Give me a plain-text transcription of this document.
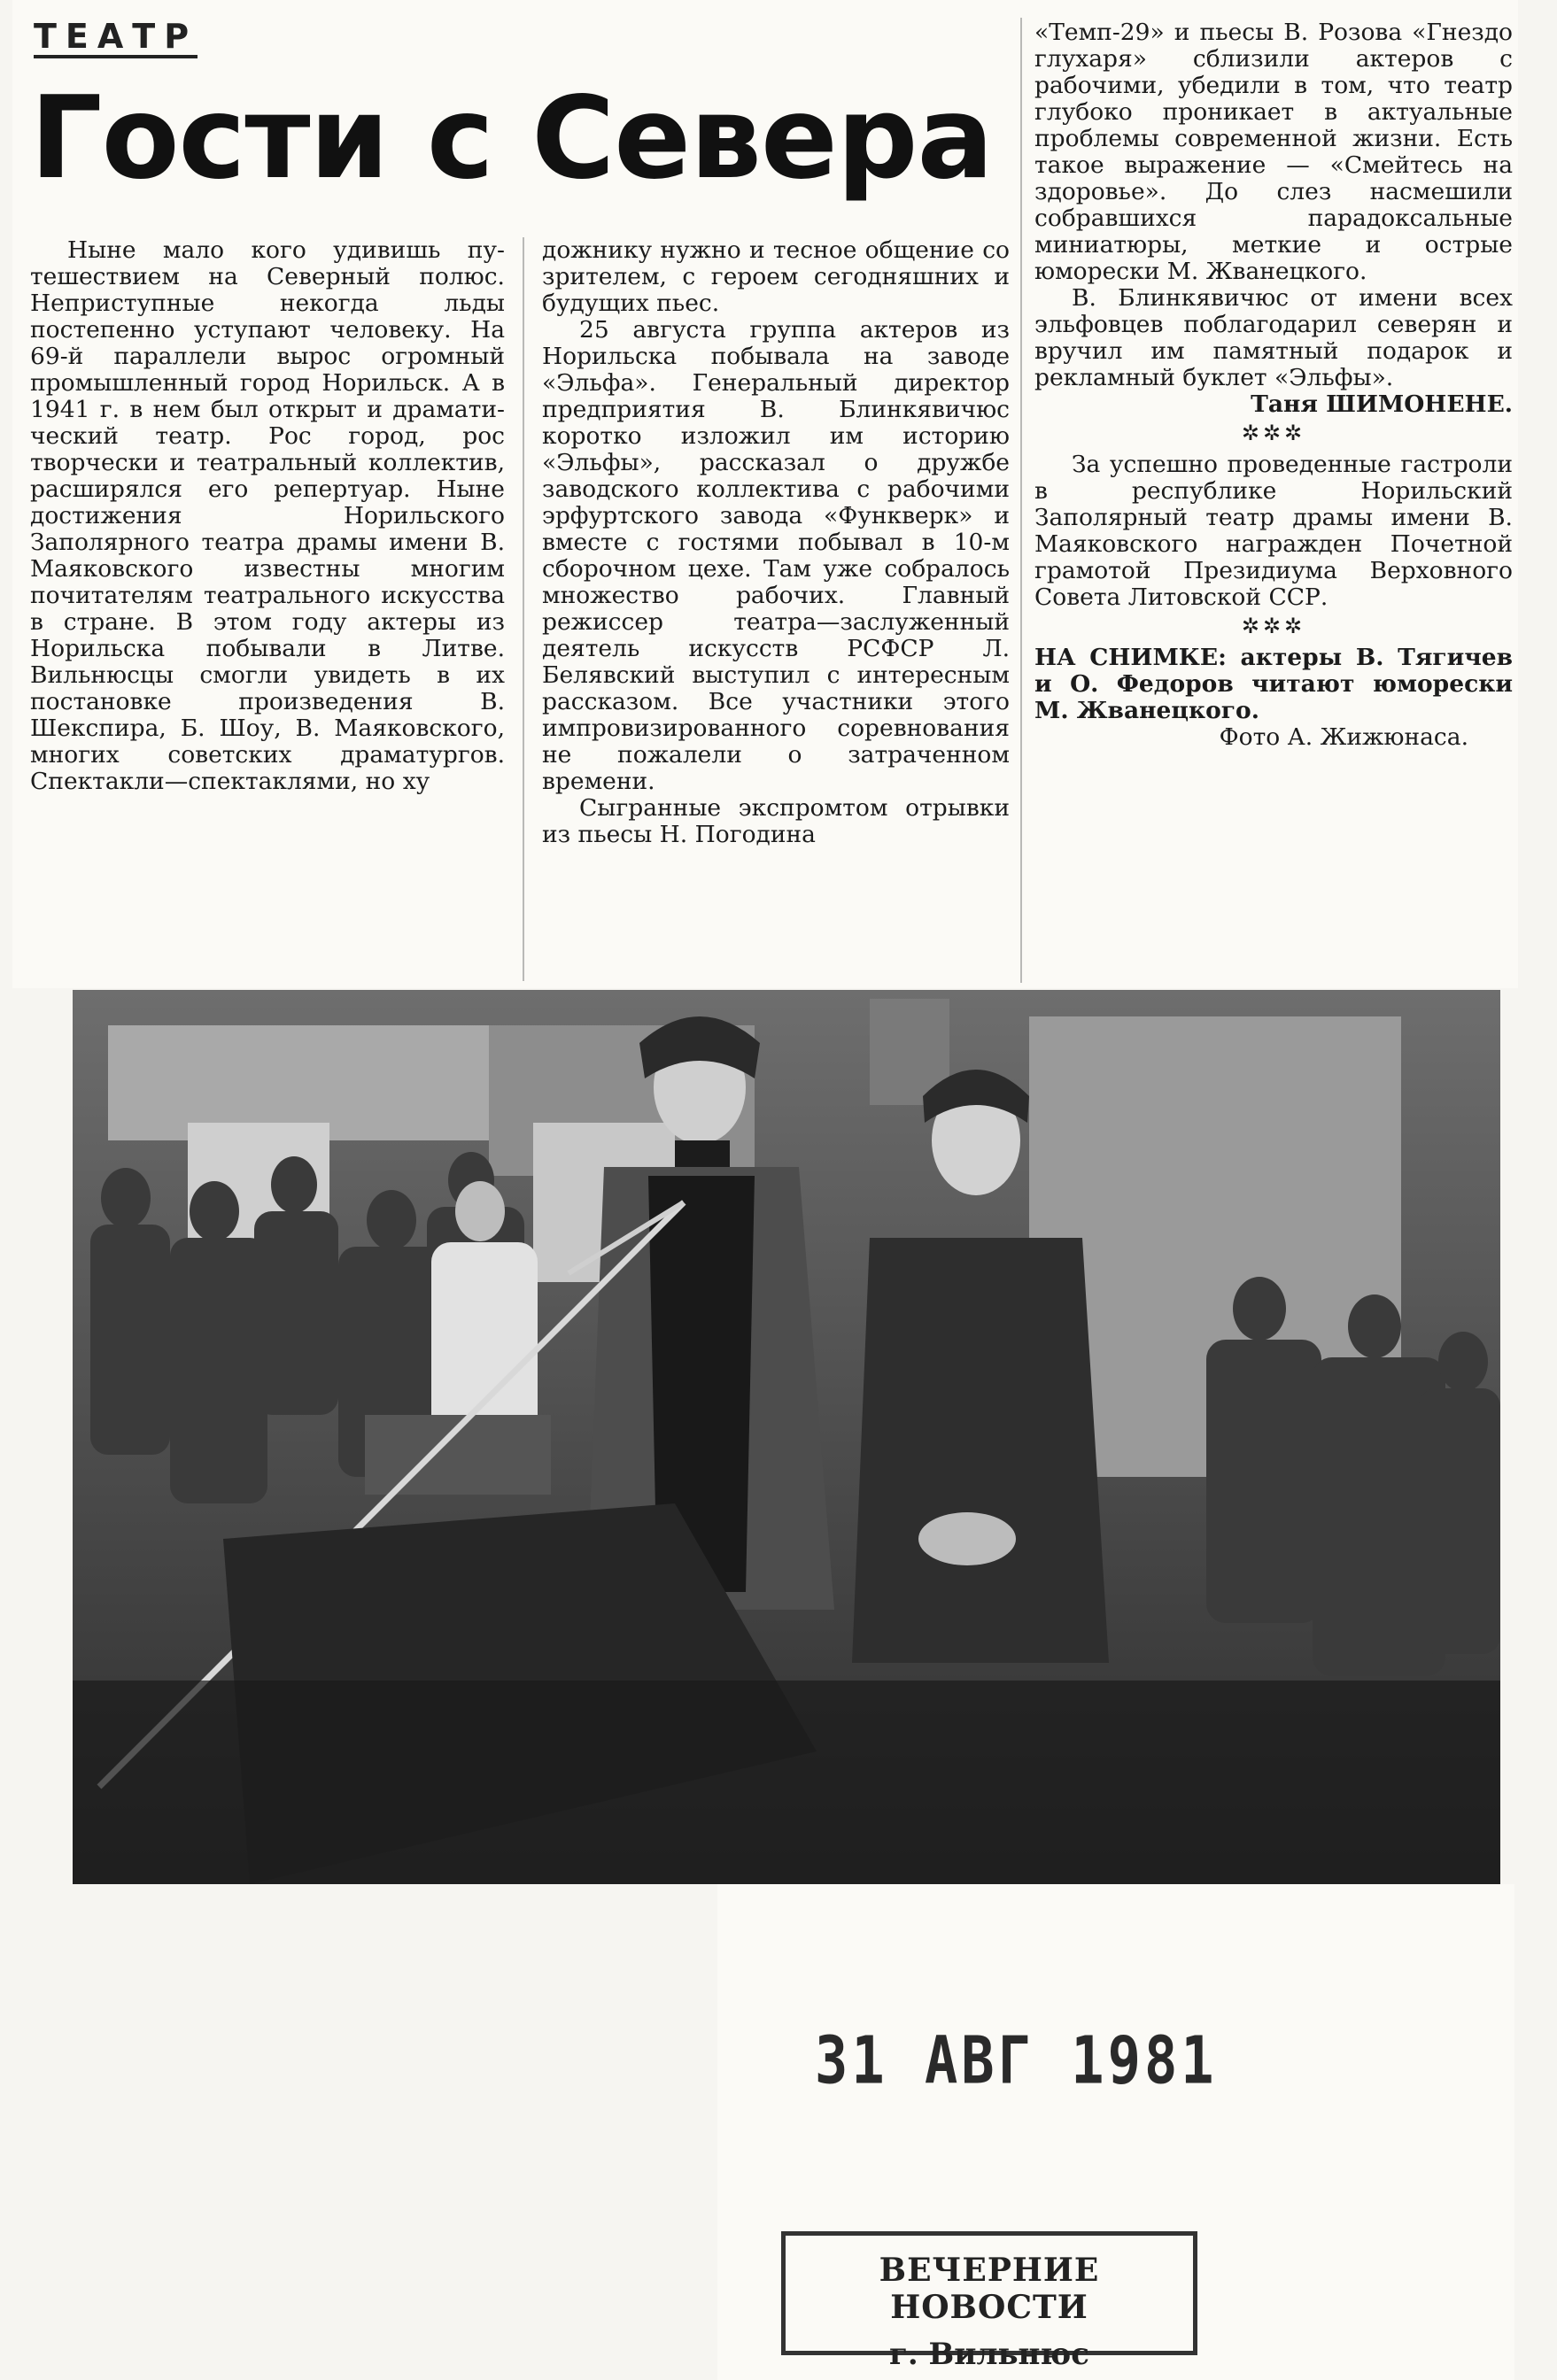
ТЕАТР
Гости с Севера

Ныне мало кого удивишь путешествием на Северный полюс. Неприступные некогда льды постепенно уступают человеку. На 69-й параллели вырос огромный промышленный город Норильск. А в 1941 г. в нем был открыт и драматический театр. Рос город, рос творчески и театральный коллектив, расширялся его репертуар. Ныне достижения Норильского Заполярного театра драмы имени В. Маяковского известны многим почитателям театрального искусства в стране. В этом году актеры из Норильска побывали в Литве. Вильнюсцы смогли увидеть в их постановке произведения В. Шекспира, Б. Шоу, В. Маяковского, многих советских драматургов. Спектакли—спектаклями, но ху

дожнику нужно и тесное общение со зрителем, с героем сегодняшних и будущих пьес.

25 августа группа актеров из Норильска побывала на заводе «Эльфа». Генеральный директор предприятия В. Блинкявичюс коротко изложил им историю «Эльфы», рассказал о дружбе заводского коллектива с рабочими эрфуртского завода «Функверк» и вместе с гостями побывал в 10-м сборочном цехе. Там уже собралось множество рабочих. Главный режиссер театра—заслуженный деятель искусств РСФСР Л. Белявский выступил с интересным рассказом. Все участники этого импровизированного соревнования не пожалели о затраченном времени.

Сыгранные экспромтом отрывки из пьесы Н. Погодина

«Темп-29» и пьесы В. Розова «Гнездо глухаря» сблизили актеров с рабочими, убедили в том, что театр глубоко проникает в актуальные проблемы современной жизни. Есть такое выражение — «Смейтесь на здоровье». До слез насмешили собравшихся парадоксальные миниатюры, меткие и острые юморески М. Жванецкого.

В. Блинкявичюс от имени всех эльфовцев поблагодарил северян и вручил им памятный подарок и рекламный буклет «Эльфы».

Таня ШИМОНЕНЕ.

✲✲✲

За успешно проведенные гастроли в республике Норильский Заполярный театр драмы имени В. Маяковского награжден Почетной грамотой Президиума Верховного Совета Литовской ССР.

✲✲✲

НА СНИМКЕ: актеры В. Тягичев и О. Федоров читают юморески М. Жванецкого.

Фото А. Жижюнаса.

31 АВГ 1981
ВЕЧЕРНИЕ НОВОСТИ
г. Вильнюс
